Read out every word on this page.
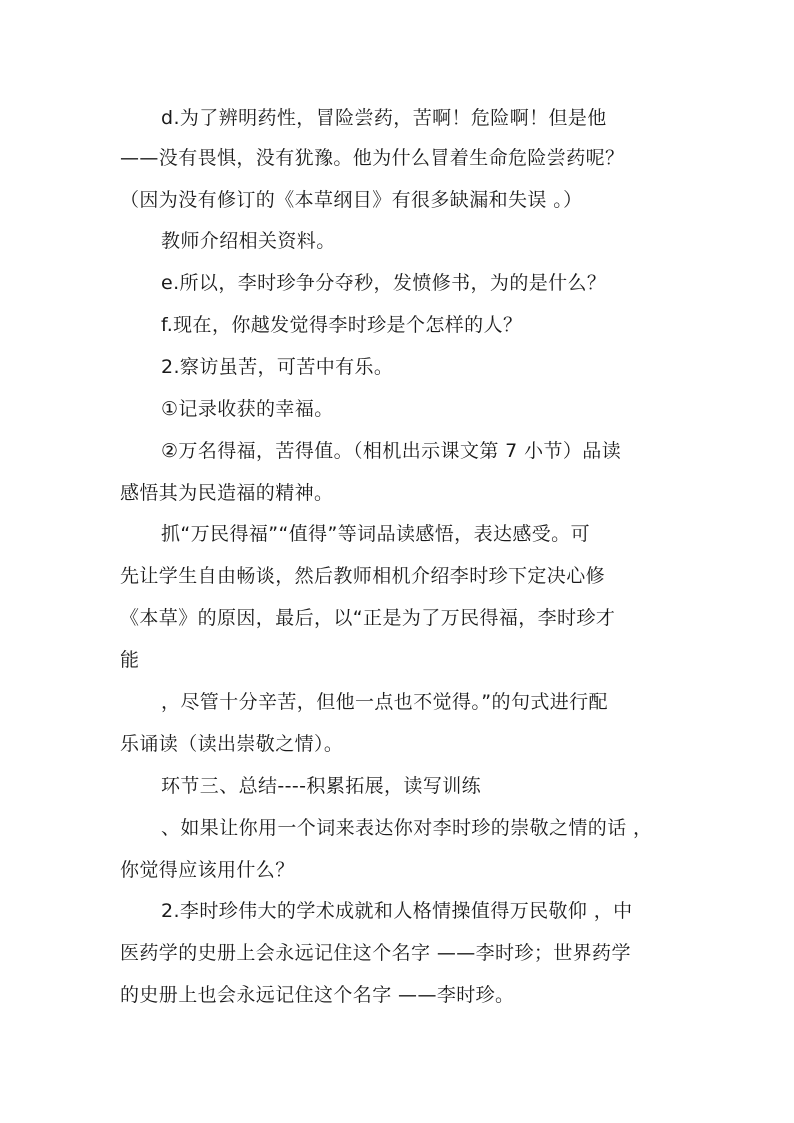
d.为了辨明药性，冒险尝药，苦啊！危险啊！但是他
——没有畏惧，没有犹豫。他为什么冒着生命危险尝药呢？
（因为没有修订的《本草纲目》有很多缺漏和失误 。）
教师介绍相关资料。
e.所以，李时珍争分夺秒，发愤修书，为的是什么？
f.现在，你越发觉得李时珍是个怎样的人？
2.察访虽苦，可苦中有乐。
①记录收获的幸福。
②万名得福，苦得值。（相机出示课文第 7 小节）品读
感悟其为民造福的精神。
抓“万民得福”“值得”等词品读感悟，表达感受。可
先让学生自由畅谈，然后教师相机介绍李时珍下定决心修
《本草》的原因，最后，以“正是为了万民得福，李时珍才
能
，尽管十分辛苦，但他一点也不觉得。”的句式进行配
乐诵读（读出崇敬之情）。
环节三、总结----积累拓展，读写训练
、如果让你用一个词来表达你对李时珍的崇敬之情的话 ，
你觉得应该用什么？
2.李时珍伟大的学术成就和人格情操值得万民敬仰 ，中
医药学的史册上会永远记住这个名字 ——李时珍；世界药学
的史册上也会永远记住这个名字 ——李时珍。
